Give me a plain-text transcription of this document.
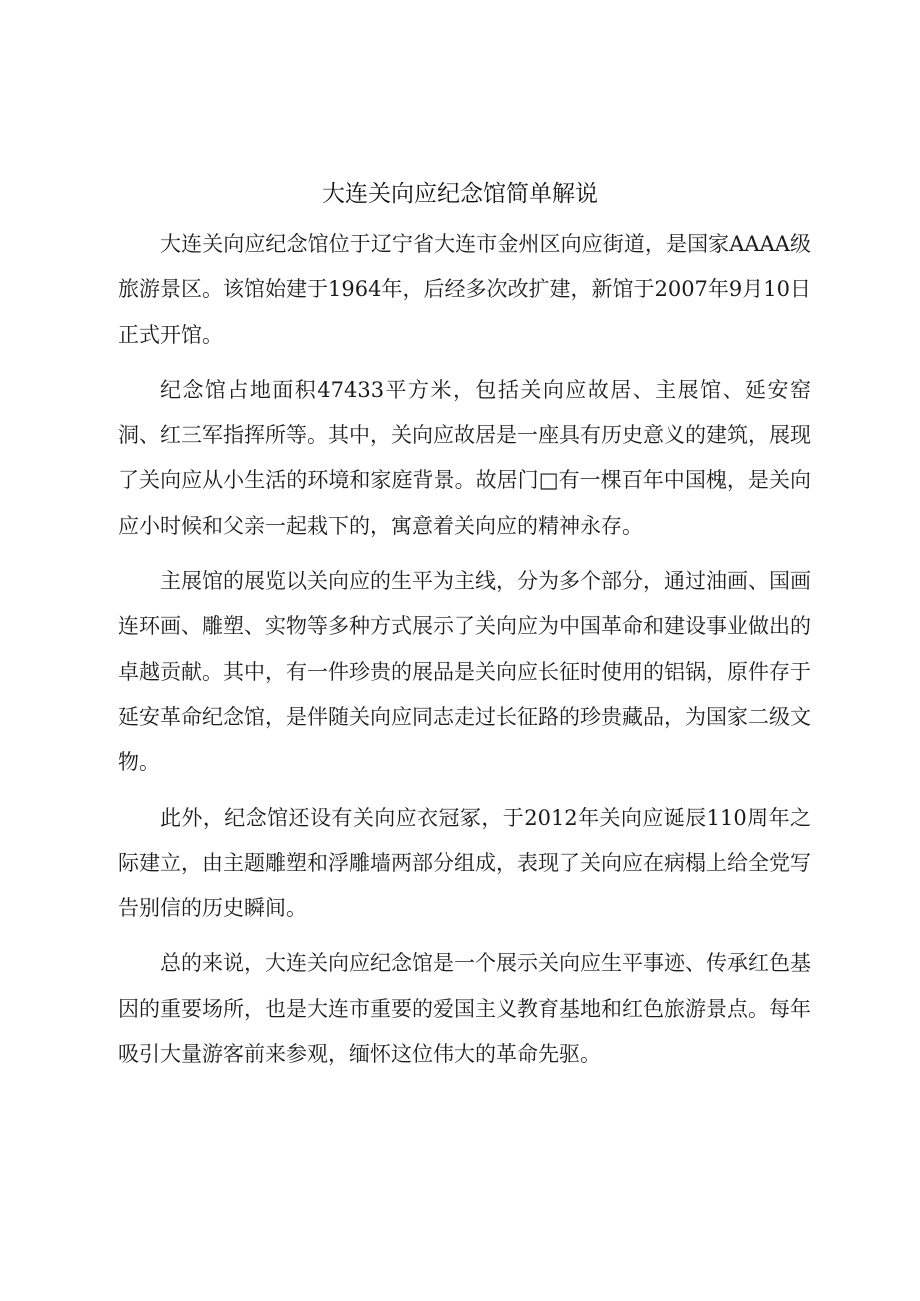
大连关向应纪念馆简单解说

大连关向应纪念馆位于辽宁省大连市金州区向应街道，是国家AAAA级旅游景区。该馆始建于1964年，后经多次改扩建，新馆于2007年9月10日正式开馆。

纪念馆占地面积47433平方米，包括关向应故居、主展馆、延安窑洞、红三军指挥所等。其中，关向应故居是一座具有历史意义的建筑，展现了关向应从小生活的环境和家庭背景。故居门□有一棵百年中国槐，是关向应小时候和父亲一起栽下的，寓意着关向应的精神永存。

主展馆的展览以关向应的生平为主线，分为多个部分，通过油画、国画连环画、雕塑、实物等多种方式展示了关向应为中国革命和建设事业做出的卓越贡献。其中，有一件珍贵的展品是关向应长征时使用的铝锅，原件存于延安革命纪念馆，是伴随关向应同志走过长征路的珍贵藏品，为国家二级文物。

此外，纪念馆还设有关向应衣冠冢，于2012年关向应诞辰110周年之际建立，由主题雕塑和浮雕墙两部分组成，表现了关向应在病榻上给全党写告别信的历史瞬间。

总的来说，大连关向应纪念馆是一个展示关向应生平事迹、传承红色基因的重要场所，也是大连市重要的爱国主义教育基地和红色旅游景点。每年吸引大量游客前来参观，缅怀这位伟大的革命先驱。
